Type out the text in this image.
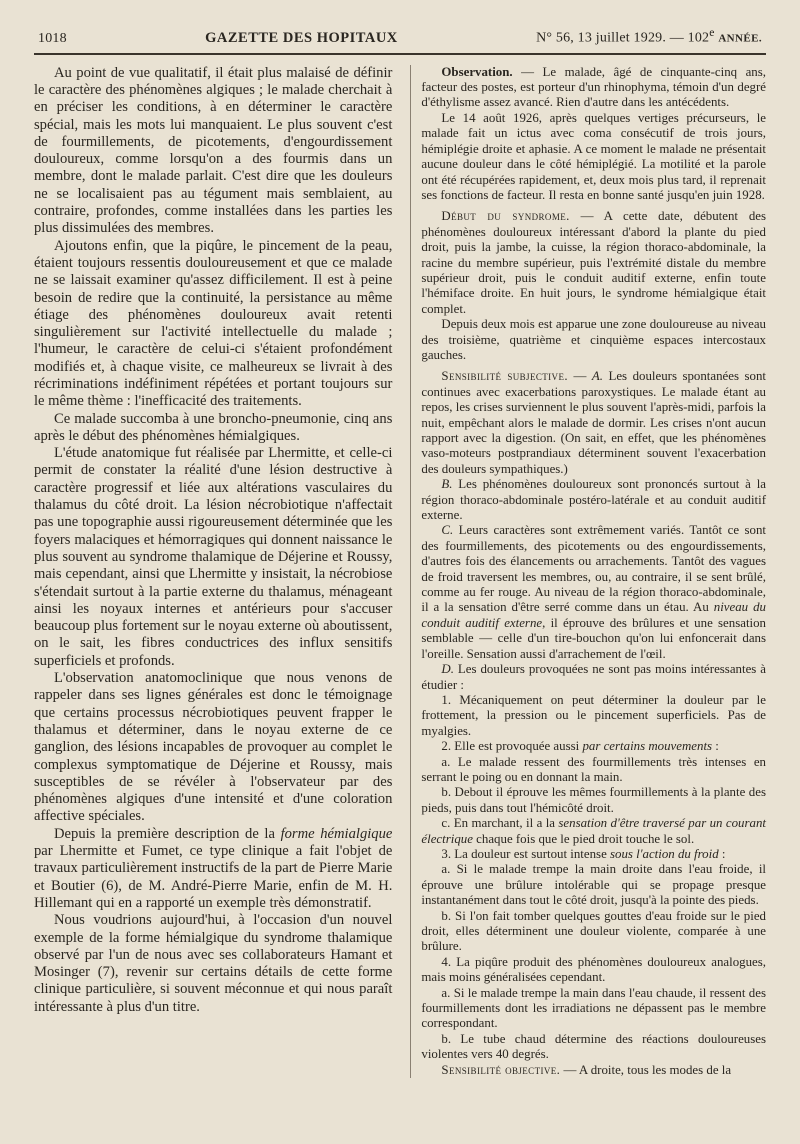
1018	GAZETTE DES HOPITAUX	N° 56, 13 juillet 1929. — 102e ANNÉE.

Au point de vue qualitatif, il était plus malaisé de définir le caractère des phénomènes algiques ; le malade cherchait à en préciser les conditions, à en déterminer le caractère spécial, mais les mots lui manquaient. Le plus souvent c'est de fourmillements, de picotements, d'engourdissement douloureux, comme lorsqu'on a des fourmis dans un membre, dont le malade parlait. C'est dire que les douleurs ne se localisaient pas au tégument mais semblaient, au contraire, profondes, comme installées dans les parties les plus dissimulées des membres.

Ajoutons enfin, que la piqûre, le pincement de la peau, étaient toujours ressentis douloureusement et que ce malade ne se laissait examiner qu'assez difficilement. Il est à peine besoin de redire que la continuité, la persistance au même étiage des phénomènes douloureux avait retenti singulièrement sur l'activité intellectuelle du malade ; l'humeur, le caractère de celui-ci s'étaient profondément modifiés et, à chaque visite, ce malheureux se livrait à des récriminations indéfiniment répétées et portant toujours sur le même thème : l'inefficacité des traitements.

Ce malade succomba à une broncho-pneumonie, cinq ans après le début des phénomènes hémialgiques.

L'étude anatomique fut réalisée par Lhermitte, et celle-ci permit de constater la réalité d'une lésion destructive à caractère progressif et liée aux altérations vasculaires du thalamus du côté droit. La lésion nécrobiotique n'affectait pas une topographie aussi rigoureusement déterminée que les foyers malaciques et hémorragiques qui donnent naissance le plus souvent au syndrome thalamique de Déjerine et Roussy, mais cependant, ainsi que Lhermitte y insistait, la nécrobiose s'étendait surtout à la partie externe du thalamus, ménageant ainsi les noyaux internes et antérieurs pour s'accuser beaucoup plus fortement sur le noyau externe où aboutissent, on le sait, les fibres conductrices des influx sensitifs superficiels et profonds.

L'observation anatomoclinique que nous venons de rappeler dans ses lignes générales est donc le témoignage que certains processus nécrobiotiques peuvent frapper le thalamus et déterminer, dans le noyau externe de ce ganglion, des lésions incapables de provoquer au complet le complexus symptomatique de Déjerine et Roussy, mais susceptibles de se révéler à l'observateur par des phénomènes algiques d'une intensité et d'une coloration affective spéciales.

Depuis la première description de la forme hémialgique par Lhermitte et Fumet, ce type clinique a fait l'objet de travaux particulièrement instructifs de la part de Pierre Marie et Boutier (6), de M. André-Pierre Marie, enfin de M. H. Hillemant qui en a rapporté un exemple très démonstratif.

Nous voudrions aujourd'hui, à l'occasion d'un nouvel exemple de la forme hémialgique du syndrome thalamique observé par l'un de nous avec ses collaborateurs Hamant et Mosinger (7), revenir sur certains détails de cette forme clinique particulière, si souvent méconnue et qui nous paraît intéressante à plus d'un titre.

Observation. — Le malade, âgé de cinquante-cinq ans, facteur des postes, est porteur d'un rhinophyma, témoin d'un degré d'éthylisme assez avancé. Rien d'autre dans les antécédents.

Le 14 août 1926, après quelques vertiges précurseurs, le malade fait un ictus avec coma consécutif de trois jours, hémiplégie droite et aphasie. A ce moment le malade ne présentait aucune douleur dans le côté hémiplégié. La motilité et la parole ont été récupérées rapidement, et, deux mois plus tard, il reprenait ses fonctions de facteur. Il resta en bonne santé jusqu'en juin 1928.

Début du syndrome. — A cette date, débutent des phénomènes douloureux intéressant d'abord la plante du pied droit, puis la jambe, la cuisse, la région thoraco-abdominale, la racine du membre supérieur, puis l'extrémité distale du membre supérieur droit, puis le conduit auditif externe, enfin toute l'hémiface droite. En huit jours, le syndrome hémialgique était complet.

Depuis deux mois est apparue une zone douloureuse au niveau des troisième, quatrième et cinquième espaces intercostaux gauches.

Sensibilité subjective. — A. Les douleurs spontanées sont continues avec exacerbations paroxystiques. Le malade étant au repos, les crises surviennent le plus souvent l'après-midi, parfois la nuit, empêchant alors le malade de dormir. Les crises n'ont aucun rapport avec la digestion. (On sait, en effet, que les phénomènes vaso-moteurs postprandiaux déterminent souvent l'exacerbation des douleurs sympathiques.)

B. Les phénomènes douloureux sont prononcés surtout à la région thoraco-abdominale postéro-latérale et au conduit auditif externe.

C. Leurs caractères sont extrêmement variés. Tantôt ce sont des fourmillements, des picotements ou des engourdissements, d'autres fois des élancements ou arrachements. Tantôt des vagues de froid traversent les membres, ou, au contraire, il se sent brûlé, comme au fer rouge. Au niveau de la région thoraco-abdominale, il a la sensation d'être serré comme dans un étau. Au niveau du conduit auditif externe, il éprouve des brûlures et une sensation semblable — celle d'un tire-bouchon qu'on lui enfoncerait dans l'oreille. Sensation aussi d'arrachement de l'œil.

D. Les douleurs provoquées ne sont pas moins intéressantes à étudier :

1. Mécaniquement on peut déterminer la douleur par le frottement, la pression ou le pincement superficiels. Pas de myalgies.

2. Elle est provoquée aussi par certains mouvements :

a. Le malade ressent des fourmillements très intenses en serrant le poing ou en donnant la main.

b. Debout il éprouve les mêmes fourmillements à la plante des pieds, puis dans tout l'hémicôté droit.

c. En marchant, il a la sensation d'être traversé par un courant électrique chaque fois que le pied droit touche le sol.

3. La douleur est surtout intense sous l'action du froid :

a. Si le malade trempe la main droite dans l'eau froide, il éprouve une brûlure intolérable qui se propage presque instantanément dans tout le côté droit, jusqu'à la pointe des pieds.

b. Si l'on fait tomber quelques gouttes d'eau froide sur le pied droit, elles déterminent une douleur violente, comparée à une brûlure.

4. La piqûre produit des phénomènes douloureux analogues, mais moins généralisées cependant.

a. Si le malade trempe la main dans l'eau chaude, il ressent des fourmillements dont les irradiations ne dépassent pas le membre correspondant.

b. Le tube chaud détermine des réactions douloureuses violentes vers 40 degrés.

Sensibilité objective. — A droite, tous les modes de la
